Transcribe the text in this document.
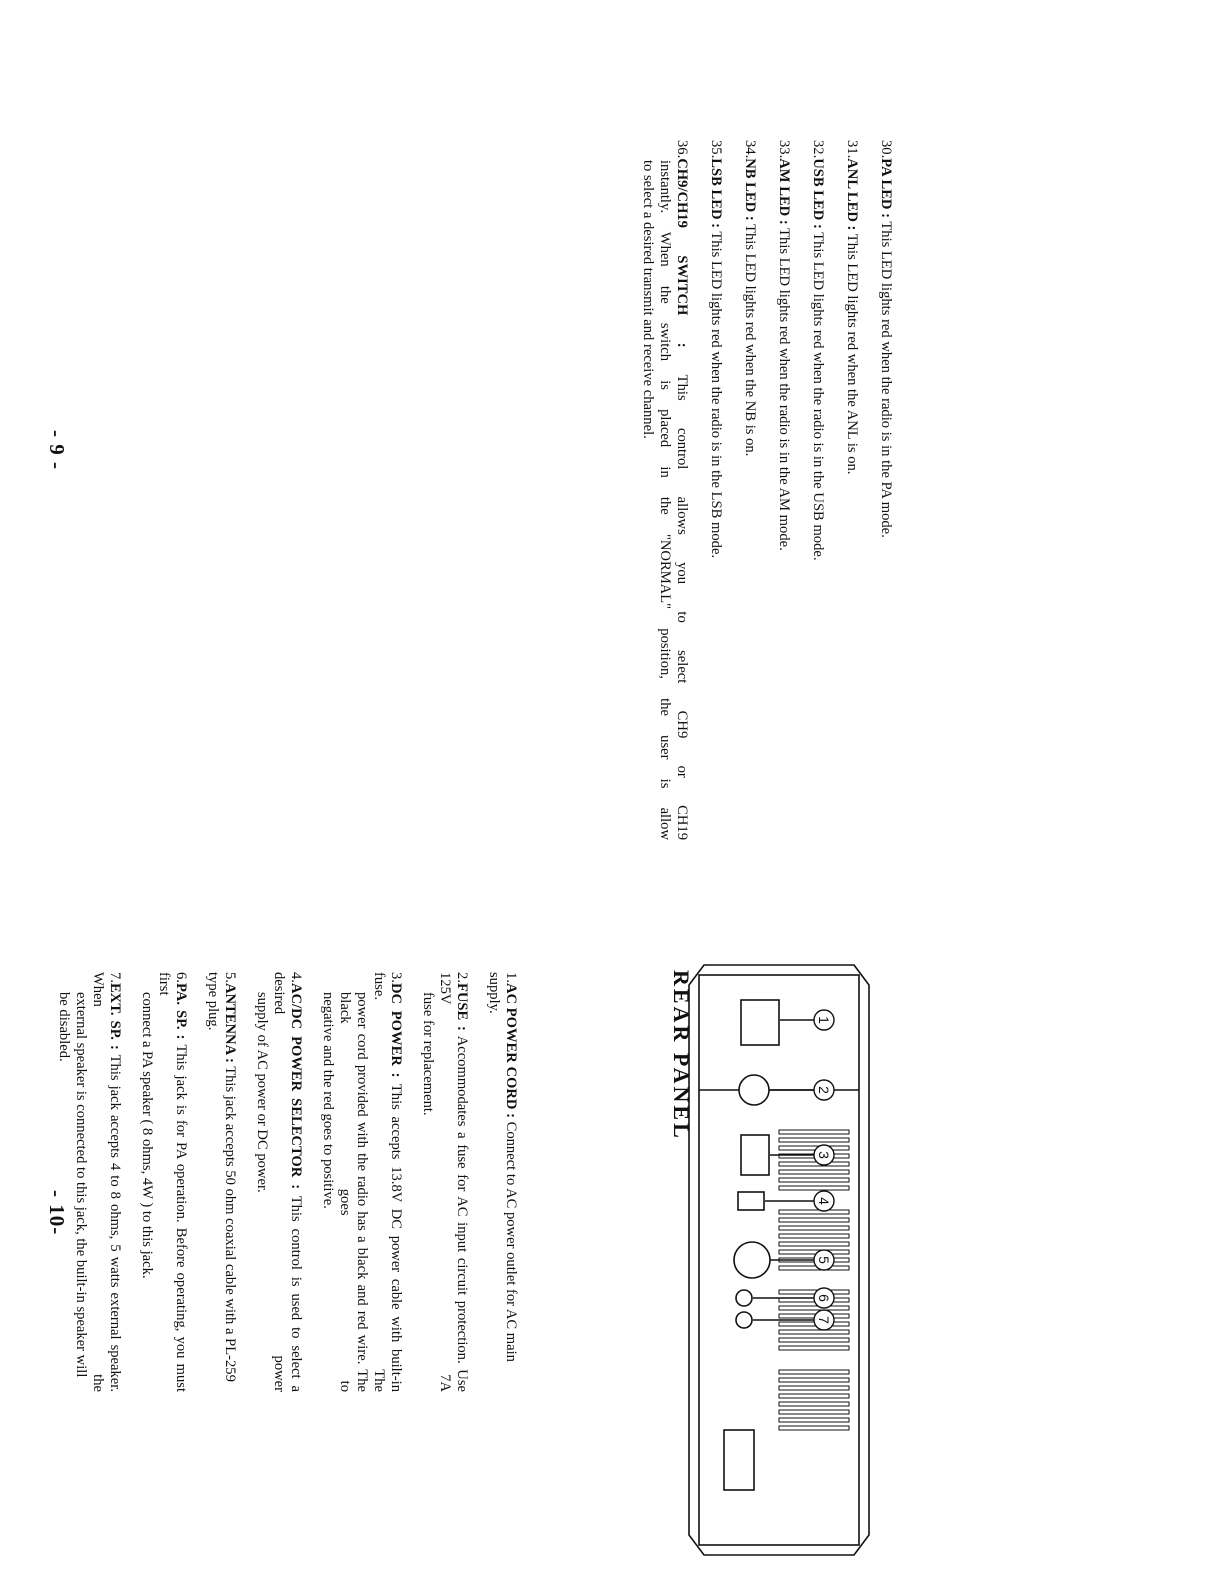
30.PA LED : This LED lights red when the radio is in the PA mode.
31.ANL LED : This LED lights red when the ANL is on.
32.USB LED : This LED lights red when the radio is in the USB mode.
33.AM LED : This LED lights red when the radio is in the AM mode.
34.NB LED : This LED lights red when the NB is on.
35.LSB LED : This LED lights red when the radio is in the LSB mode.
36.CH9/CH19 SWITCH : This control allows you to select CH9 or CH19
instantly. When the switch is placed in the "NORMAL" position, the user is allow
to select a desired transmit and receive channel.
- 9 -
REAR PANEL	1
2
3
4
5
6
7
1.AC POWER CORD : Connect to AC power outlet for AC main supply.
2.FUSE : Accommodates a fuse for AC input circuit protection. Use 125V 7A
fuse for replacement.
3.DC POWER : This accepts 13.8V DC power cable with built-in fuse. The
power cord provided with the radio has a black and red wire. The black goes to
negative and the red goes to positive.
4.AC/DC POWER SELECTOR : This control is used to select a desired power
supply of AC power or DC power.
5.ANTENNA : This jack accepts 50 ohm coaxial cable with a PL-259 type plug.
6.PA. SP. : This jack is for PA operation. Before operating, you must first
connect a PA speaker ( 8 ohms, 4W ) to this jack.
7.EXT. SP. : This jack accepts 4 to 8 ohms, 5 watts external speaker. When the
external speaker is connected to this jack, the built-in speaker will be disabled.
- 10-
